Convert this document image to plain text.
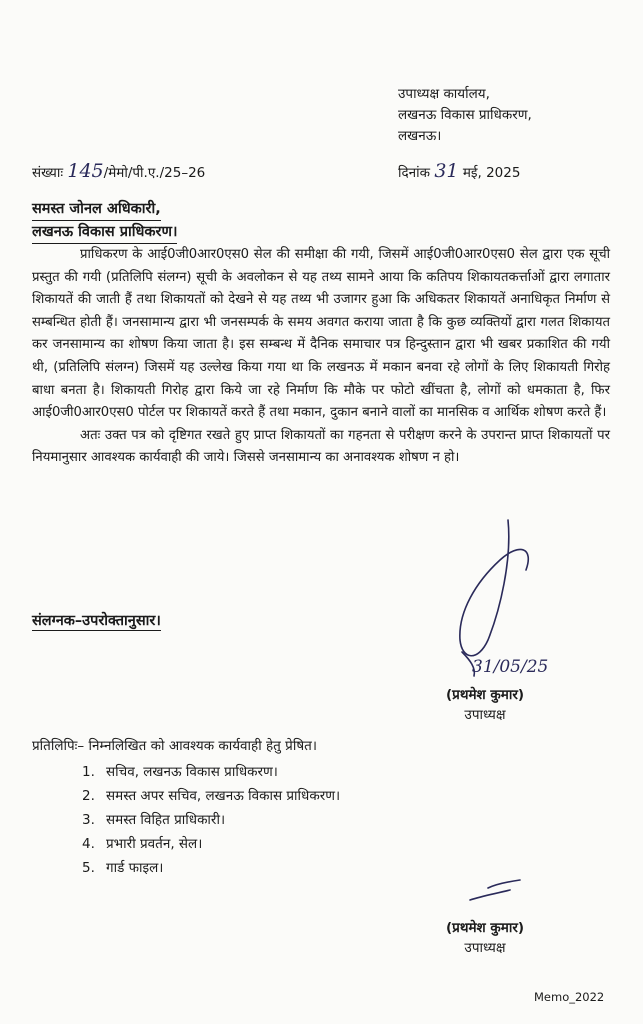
उपाध्यक्ष कार्यालय,
लखनऊ विकास प्राधिकरण,
लखनऊ।
संख्याः 145/मेमो/पी.ए./25–26	दिनांक 31 मई, 2025
समस्त जोनल अधिकारी,
लखनऊ विकास प्राधिकरण।

प्राधिकरण के आई0जी0आर0एस0 सेल की समीक्षा की गयी, जिसमें आई0जी0आर0एस0 सेल द्वारा एक सूची प्रस्तुत की गयी (प्रतिलिपि संलग्न) सूची के अवलोकन से यह तथ्य सामने आया कि कतिपय शिकायतकर्त्ताओं द्वारा लगातार शिकायतें की जाती हैं तथा शिकायतों को देखने से यह तथ्य भी उजागर हुआ कि अधिकतर शिकायतें अनाधिकृत निर्माण से सम्बन्धित होती हैं। जनसामान्य द्वारा भी जनसम्पर्क के समय अवगत कराया जाता है कि कुछ व्यक्तियों द्वारा गलत शिकायत कर जनसामान्य का शोषण किया जाता है। इस सम्बन्ध में दैनिक समाचार पत्र हिन्दुस्तान द्वारा भी खबर प्रकाशित की गयी थी, (प्रतिलिपि संलग्न) जिसमें यह उल्लेख किया गया था कि लखनऊ में मकान बनवा रहे लोगों के लिए शिकायती गिरोह बाधा बनता है। शिकायती गिरोह द्वारा किये जा रहे निर्माण कि मौके पर फोटो खींचता है, लोगों को धमकाता है, फिर आई0जी0आर0एस0 पोर्टल पर शिकायतें करते हैं तथा मकान, दुकान बनाने वालों का मानसिक व आर्थिक शोषण करते हैं।

अतः उक्त पत्र को दृष्टिगत रखते हुए प्राप्त शिकायतों का गहनता से परीक्षण करने के उपरान्त प्राप्त शिकायतों पर नियमानुसार आवश्यक कार्यवाही की जाये। जिससे जनसामान्य का अनावश्यक शोषण न हो।

संलग्नक–उपरोक्तानुसार।
31/05/25
(प्रथमेश कुमार)
उपाध्यक्ष
प्रतिलिपिः– निम्नलिखित को आवश्यक कार्यवाही हेतु प्रेषित।
1. सचिव, लखनऊ विकास प्राधिकरण।
2. समस्त अपर सचिव, लखनऊ विकास प्राधिकरण।
3. समस्त विहित प्राधिकारी।
4. प्रभारी प्रवर्तन, सेल।
5. गार्ड फाइल।
(प्रथमेश कुमार)
उपाध्यक्ष
Memo_2022
